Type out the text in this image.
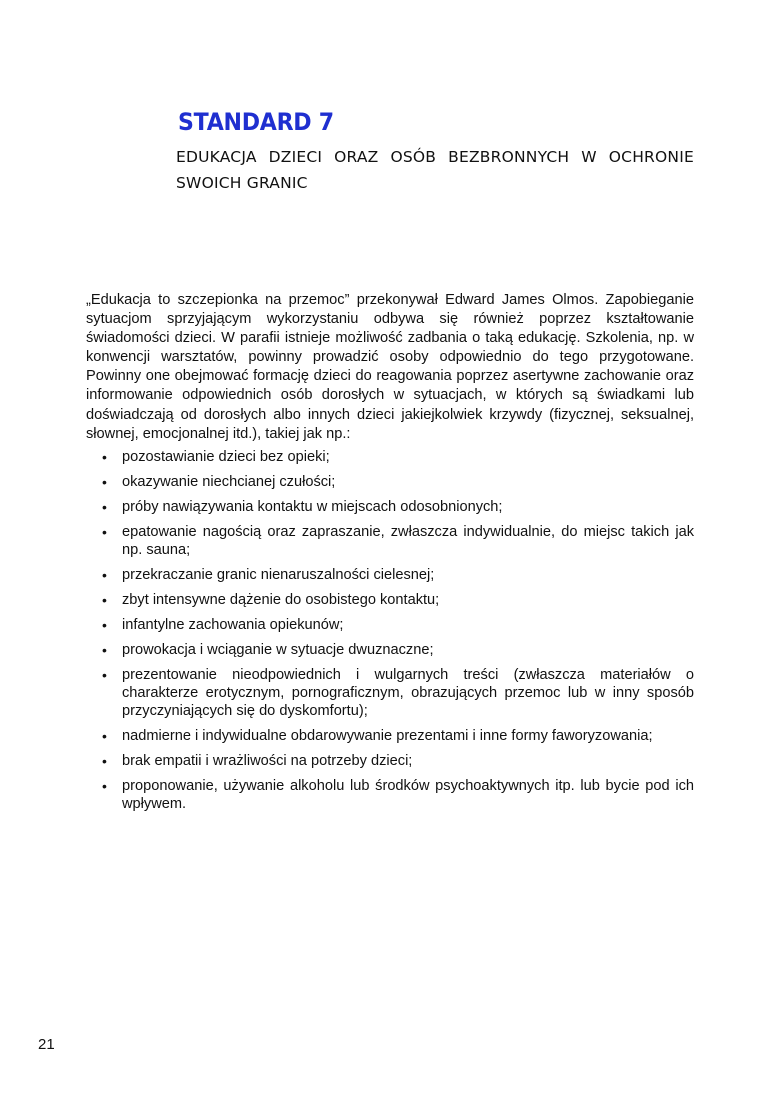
STANDARD 7

EDUKACJA DZIECI ORAZ OSÓB BEZBRONNYCH W OCHRONIE SWOICH GRANIC

„Edukacja to szczepionka na przemoc” przekonywał Edward James Olmos. Zapobieganie sytuacjom sprzyjającym wykorzystaniu odbywa się również poprzez kształtowanie świadomości dzieci. W parafii istnieje możliwość zadbania o taką edukację. Szkolenia, np. w konwencji warsztatów, powinny prowadzić osoby odpowiednio do tego przygotowane. Powinny one obejmować formację dzieci do reagowania poprzez asertywne zachowanie oraz informowanie odpowiednich osób dorosłych w sytuacjach, w których są świadkami lub doświadczają od dorosłych albo innych dzieci jakiejkolwiek krzywdy (fizycznej, seksualnej, słownej, emocjonalnej itd.), takiej jak np.:

• pozostawianie dzieci bez opieki;
• okazywanie niechcianej czułości;
• próby nawiązywania kontaktu w miejscach odosobnionych;
• epatowanie nagością oraz zapraszanie, zwłaszcza indywidualnie, do miejsc takich jak np. sauna;
• przekraczanie granic nienaruszalności cielesnej;
• zbyt intensywne dążenie do osobistego kontaktu;
• infantylne zachowania opiekunów;
• prowokacja i wciąganie w sytuacje dwuznaczne;
• prezentowanie nieodpowiednich i wulgarnych treści (zwłaszcza materiałów o charakterze erotycznym, pornograficznym, obrazujących przemoc lub w inny sposób przyczyniających się do dyskomfortu);
• nadmierne i indywidualne obdarowywanie prezentami i inne formy faworyzowania;
• brak empatii i wrażliwości na potrzeby dzieci;
• proponowanie, używanie alkoholu lub środków psychoaktywnych itp. lub bycie pod ich wpływem.
21
